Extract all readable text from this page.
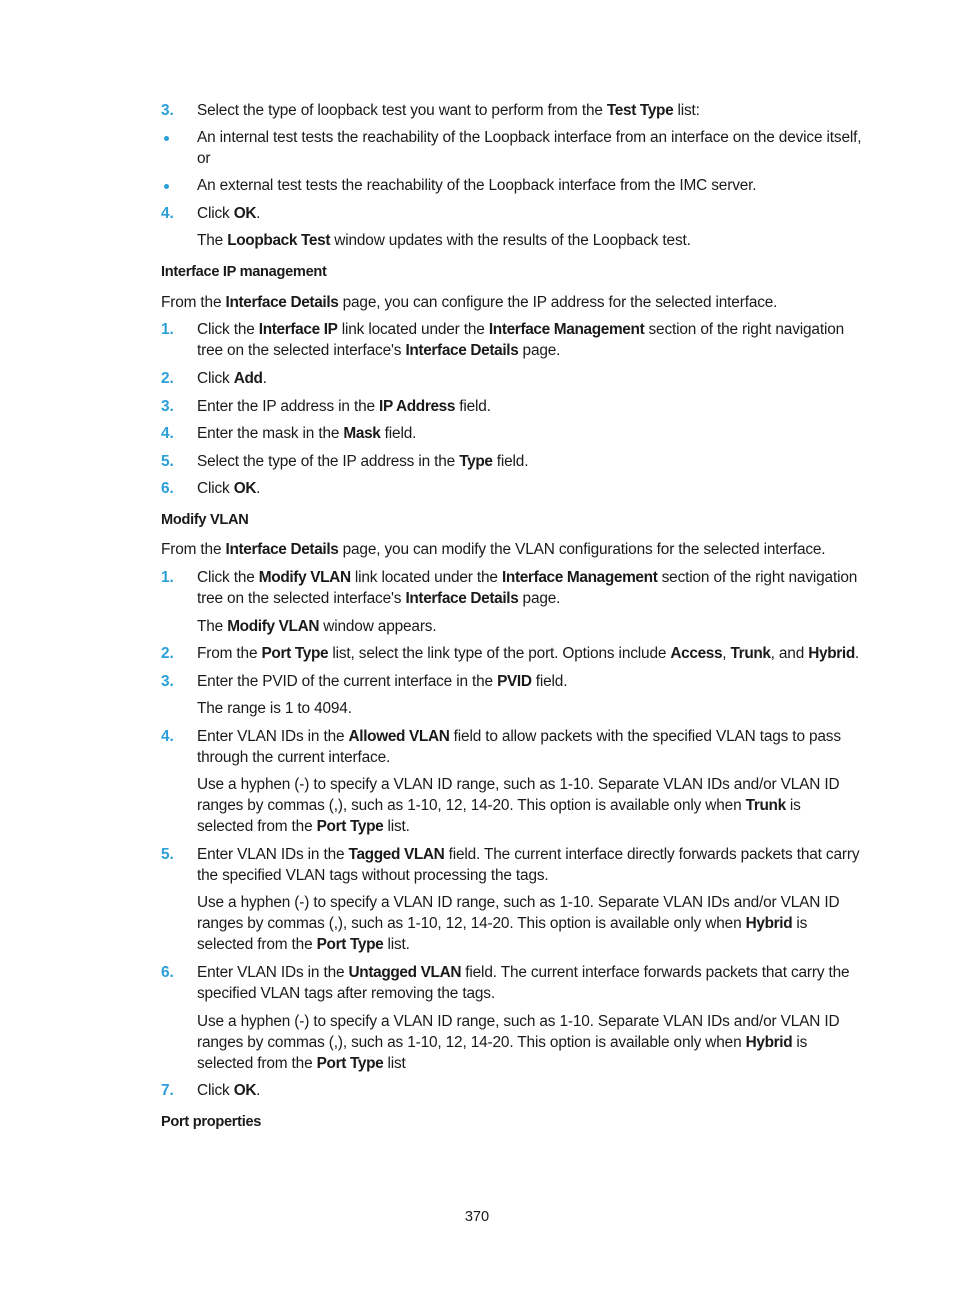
3. Select the type of loopback test you want to perform from the Test Type list:
An internal test tests the reachability of the Loopback interface from an interface on the device itself,
or
An external test tests the reachability of the Loopback interface from the IMC server.
4. Click OK.
The Loopback Test window updates with the results of the Loopback test.
Interface IP management
From the Interface Details page, you can configure the IP address for the selected interface.
1. Click the Interface IP link located under the Interface Management section of the right navigation
tree on the selected interface's Interface Details page.
2. Click Add.
3. Enter the IP address in the IP Address field.
4. Enter the mask in the Mask field.
5. Select the type of the IP address in the Type field.
6. Click OK.
Modify VLAN
From the Interface Details page, you can modify the VLAN configurations for the selected interface.
1. Click the Modify VLAN link located under the Interface Management section of the right navigation
tree on the selected interface's Interface Details page.
The Modify VLAN window appears.
2. From the Port Type list, select the link type of the port. Options include Access, Trunk, and Hybrid.
3. Enter the PVID of the current interface in the PVID field.
The range is 1 to 4094.
4. Enter VLAN IDs in the Allowed VLAN field to allow packets with the specified VLAN tags to pass
through the current interface.
Use a hyphen (-) to specify a VLAN ID range, such as 1-10. Separate VLAN IDs and/or VLAN ID
ranges by commas (,), such as 1-10, 12, 14-20. This option is available only when Trunk is
selected from the Port Type list.
5. Enter VLAN IDs in the Tagged VLAN field. The current interface directly forwards packets that carry
the specified VLAN tags without processing the tags.
Use a hyphen (-) to specify a VLAN ID range, such as 1-10. Separate VLAN IDs and/or VLAN ID
ranges by commas (,), such as 1-10, 12, 14-20. This option is available only when Hybrid is
selected from the Port Type list.
6. Enter VLAN IDs in the Untagged VLAN field. The current interface forwards packets that carry the
specified VLAN tags after removing the tags.
Use a hyphen (-) to specify a VLAN ID range, such as 1-10. Separate VLAN IDs and/or VLAN ID
ranges by commas (,), such as 1-10, 12, 14-20. This option is available only when Hybrid is
selected from the Port Type list
7. Click OK.
Port properties
370
